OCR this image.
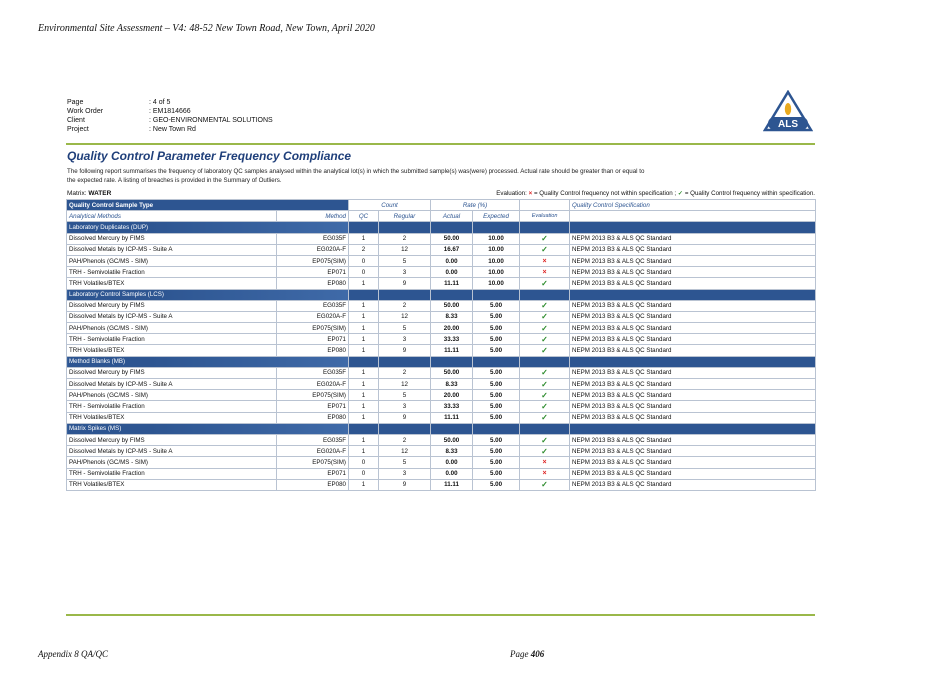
Environmental Site Assessment – V4: 48-52 New Town Road, New Town, April 2020
Page	: 4 of 5
Work Order	: EM1814666
Client	: GEO-ENVIRONMENTAL SOLUTIONS
Project	: New Town Rd	ALS
Quality Control Parameter Frequency Compliance
The following report summarises the frequency of laboratory QC samples analysed within the analytical lot(s) in which the submitted sample(s) was(were) processed. Actual rate should be greater than or equal to
the expected rate. A listing of breaches is provided in the Summary of Outliers.
Matrix: WATER	Evaluation: × = Quality Control frequency not within specification ; ✓ = Quality Control frequency within specification.
Quality Control Sample Type		Count		Rate (%)			Quality Control Specification
Analytical Methods	Method	QC	Regular	Actual	Expected	Evaluation	
Laboratory Duplicates (DUP)							
Dissolved Mercury by FIMS	EG035F	1	2	50.00	10.00	✓	NEPM 2013 B3 & ALS QC Standard
Dissolved Metals by ICP-MS - Suite A	EG020A-F	2	12	16.67	10.00	✓	NEPM 2013 B3 & ALS QC Standard
PAH/Phenols (GC/MS - SIM)	EP075(SIM)	0	5	0.00	10.00	×	NEPM 2013 B3 & ALS QC Standard
TRH - Semivolatile Fraction	EP071	0	3	0.00	10.00	×	NEPM 2013 B3 & ALS QC Standard
TRH Volatiles/BTEX	EP080	1	9	11.11	10.00	✓	NEPM 2013 B3 & ALS QC Standard
Laboratory Control Samples (LCS)							
Dissolved Mercury by FIMS	EG035F	1	2	50.00	5.00	✓	NEPM 2013 B3 & ALS QC Standard
Dissolved Metals by ICP-MS - Suite A	EG020A-F	1	12	8.33	5.00	✓	NEPM 2013 B3 & ALS QC Standard
PAH/Phenols (GC/MS - SIM)	EP075(SIM)	1	5	20.00	5.00	✓	NEPM 2013 B3 & ALS QC Standard
TRH - Semivolatile Fraction	EP071	1	3	33.33	5.00	✓	NEPM 2013 B3 & ALS QC Standard
TRH Volatiles/BTEX	EP080	1	9	11.11	5.00	✓	NEPM 2013 B3 & ALS QC Standard
Method Blanks (MB)							
Dissolved Mercury by FIMS	EG035F	1	2	50.00	5.00	✓	NEPM 2013 B3 & ALS QC Standard
Dissolved Metals by ICP-MS - Suite A	EG020A-F	1	12	8.33	5.00	✓	NEPM 2013 B3 & ALS QC Standard
PAH/Phenols (GC/MS - SIM)	EP075(SIM)	1	5	20.00	5.00	✓	NEPM 2013 B3 & ALS QC Standard
TRH - Semivolatile Fraction	EP071	1	3	33.33	5.00	✓	NEPM 2013 B3 & ALS QC Standard
TRH Volatiles/BTEX	EP080	1	9	11.11	5.00	✓	NEPM 2013 B3 & ALS QC Standard
Matrix Spikes (MS)							
Dissolved Mercury by FIMS	EG035F	1	2	50.00	5.00	✓	NEPM 2013 B3 & ALS QC Standard
Dissolved Metals by ICP-MS - Suite A	EG020A-F	1	12	8.33	5.00	✓	NEPM 2013 B3 & ALS QC Standard
PAH/Phenols (GC/MS - SIM)	EP075(SIM)	0	5	0.00	5.00	×	NEPM 2013 B3 & ALS QC Standard
TRH - Semivolatile Fraction	EP071	0	3	0.00	5.00	×	NEPM 2013 B3 & ALS QC Standard
TRH Volatiles/BTEX	EP080	1	9	11.11	5.00	✓	NEPM 2013 B3 & ALS QC Standard
Appendix 8 QA/QC	Page 406
